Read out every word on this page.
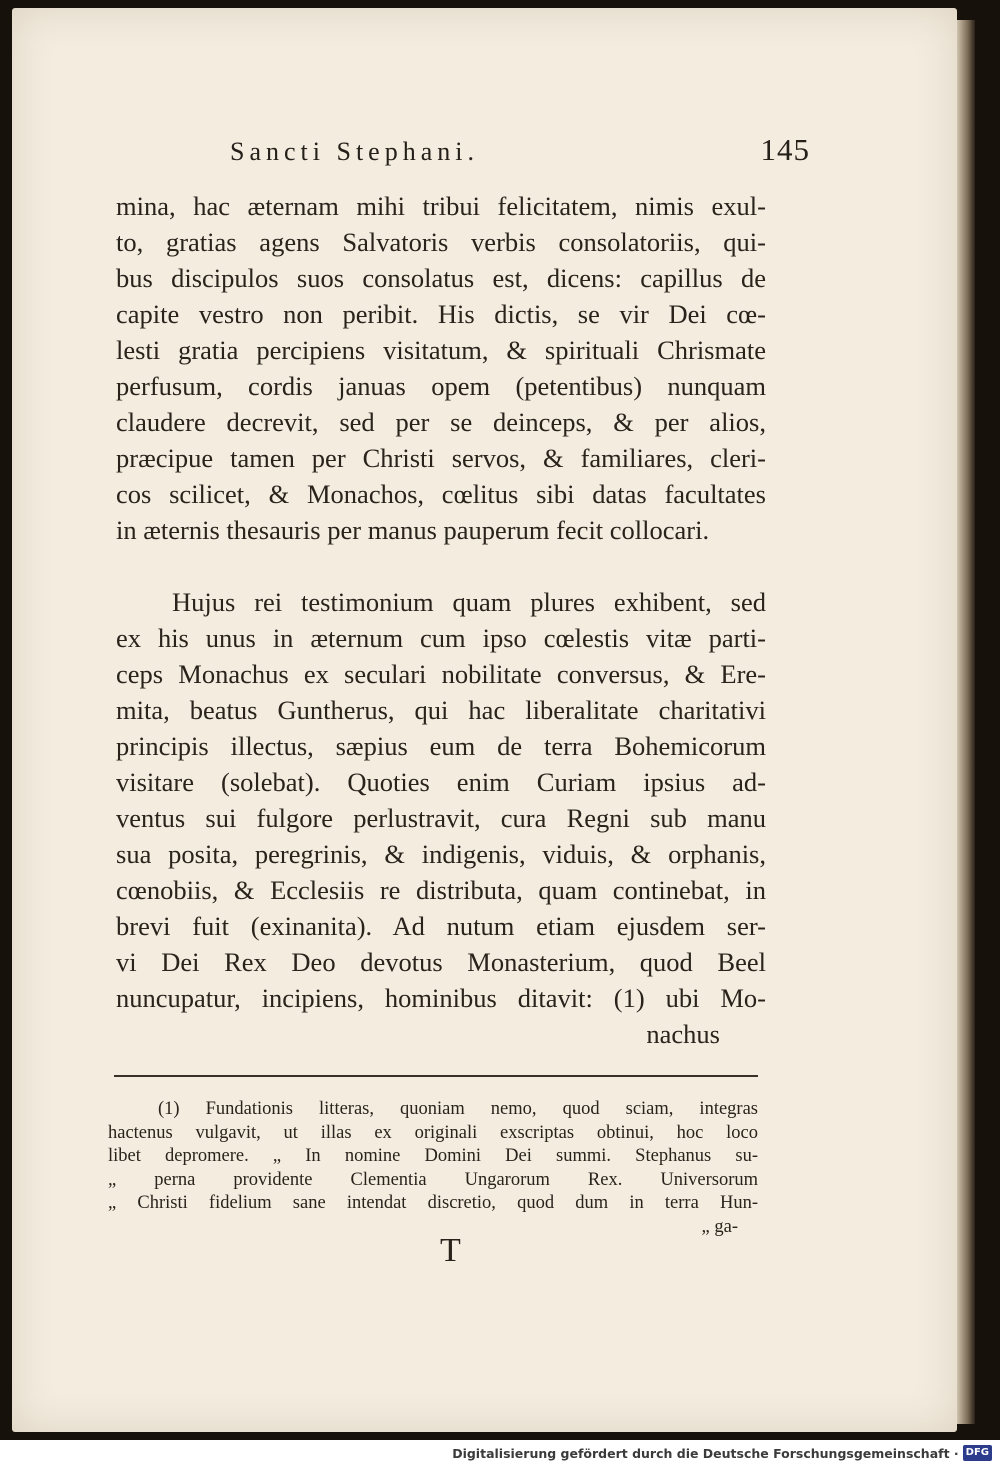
Sancti Stephani.	145
mina, hac æternam mihi tribui felicitatem, nimis exul-
to, gratias agens Salvatoris verbis consolatoriis, qui-
bus discipulos suos consolatus est, dicens: capillus de
capite vestro non peribit. His dictis, se vir Dei cœ-
lesti gratia percipiens visitatum, & spirituali Chrismate
perfusum, cordis januas opem (petentibus) nunquam
claudere decrevit, sed per se deinceps, & per alios,
præcipue tamen per Christi servos, & familiares, cleri-
cos scilicet, & Monachos, cœlitus sibi datas facultates
in æternis thesauris per manus pauperum fecit collocari.
Hujus rei testimonium quam plures exhibent, sed
ex his unus in æternum cum ipso cœlestis vitæ parti-
ceps Monachus ex seculari nobilitate conversus, & Ere-
mita, beatus Guntherus, qui hac liberalitate charitativi
principis illectus, sæpius eum de terra Bohemicorum
visitare (solebat). Quoties enim Curiam ipsius ad-
ventus sui fulgore perlustravit, cura Regni sub manu
sua posita, peregrinis, & indigenis, viduis, & orphanis,
cœnobiis, & Ecclesiis re distributa, quam continebat, in
brevi fuit (exinanita). Ad nutum etiam ejusdem ser-
vi Dei Rex Deo devotus Monasterium, quod Beel
nuncupatur, incipiens, hominibus ditavit: (1) ubi Mo-
nachus
(1) Fundationis litteras, quoniam nemo, quod sciam, integras
hactenus vulgavit, ut illas ex originali exscriptas obtinui, hoc loco
libet depromere. „ In nomine Domini Dei summi. Stephanus su-
„ perna providente Clementia Ungarorum Rex. Universorum
„ Christi fidelium sane intendat discretio, quod dum in terra Hun-
„ ga-
T
Digitalisierung gefördert durch die Deutsche Forschungsgemeinschaft · DFG
